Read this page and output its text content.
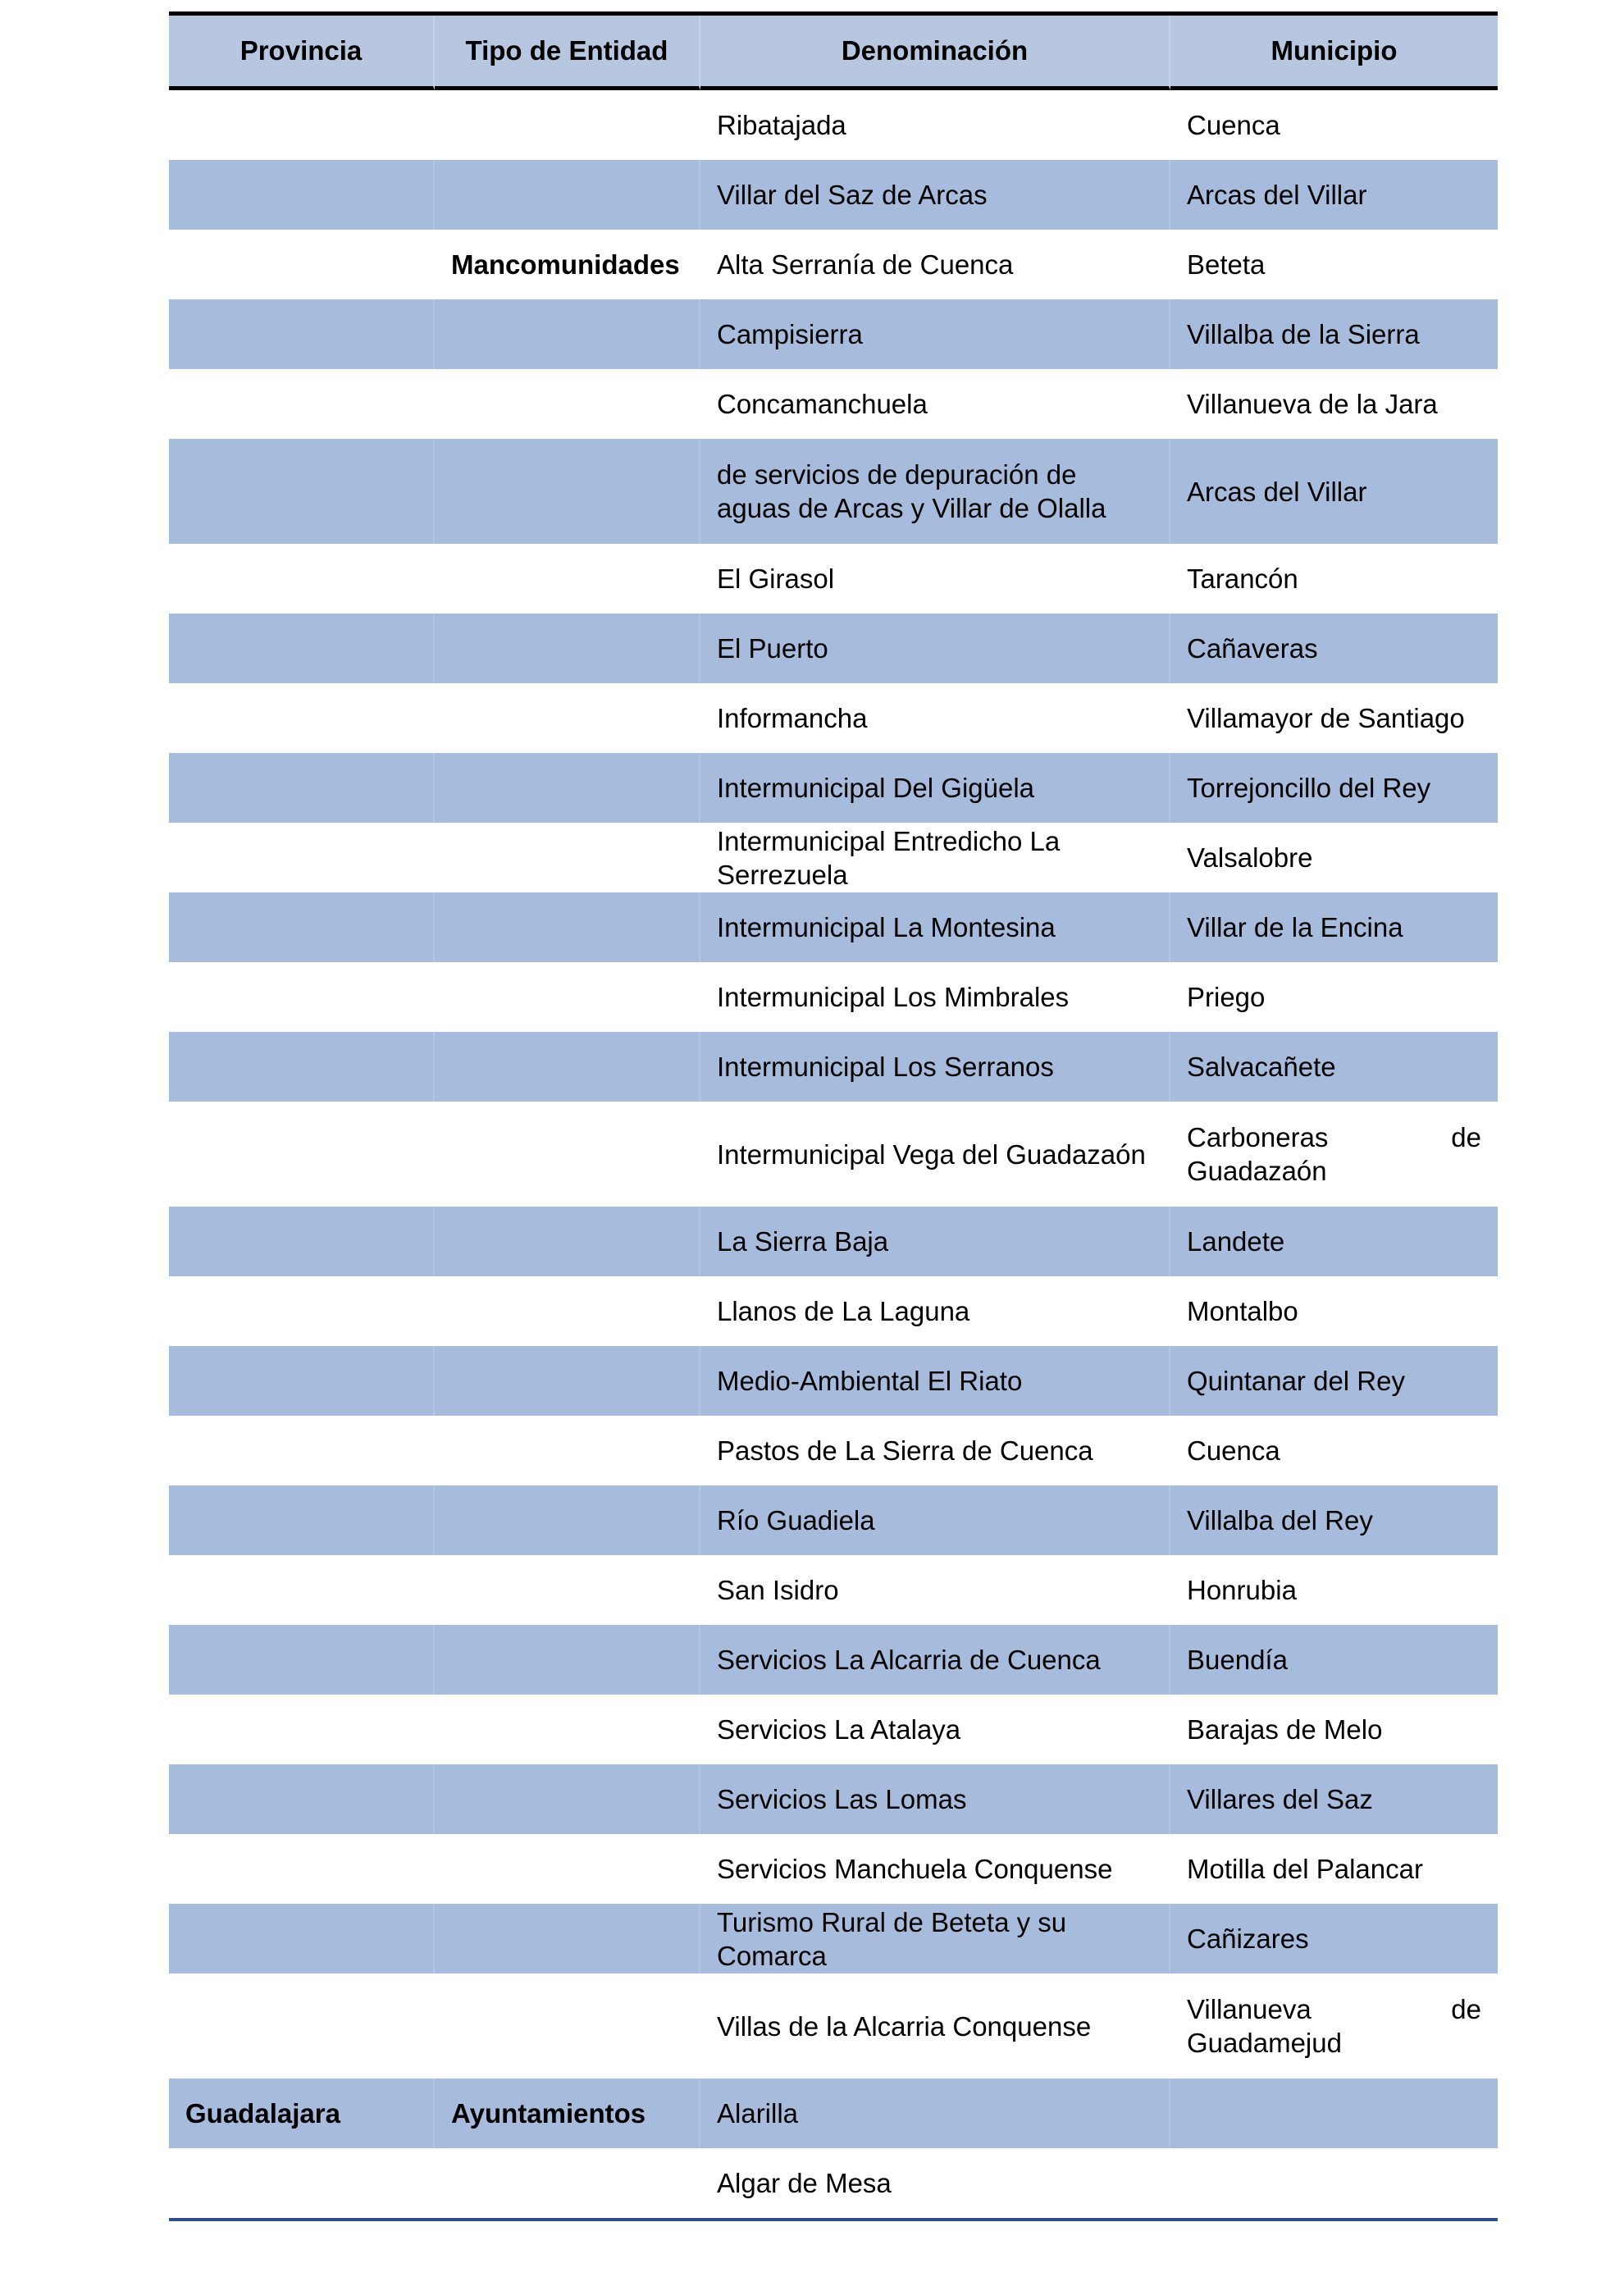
Provincia	Tipo de Entidad	Denominación	Municipio
		Ribatajada	Cuenca
		Villar del Saz de Arcas	Arcas del Villar
	Mancomunidades	Alta Serranía de Cuenca	Beteta
		Campisierra	Villalba de la Sierra
		Concamanchuela	Villanueva de la Jara
		de servicios de depuración de aguas de Arcas y Villar de Olalla	Arcas del Villar
		El Girasol	Tarancón
		El Puerto	Cañaveras
		Informancha	Villamayor de Santiago
		Intermunicipal Del Gigüela	Torrejoncillo del Rey
		Intermunicipal Entredicho La Serrezuela	Valsalobre
		Intermunicipal La Montesina	Villar de la Encina
		Intermunicipal Los Mimbrales	Priego
		Intermunicipal Los Serranos	Salvacañete
		Intermunicipal Vega del Guadazaón	Carboneras de Guadazaón
		La Sierra Baja	Landete
		Llanos de La Laguna	Montalbo
		Medio-Ambiental El Riato	Quintanar del Rey
		Pastos de La Sierra de Cuenca	Cuenca
		Río Guadiela	Villalba del Rey
		San Isidro	Honrubia
		Servicios La Alcarria de Cuenca	Buendía
		Servicios La Atalaya	Barajas de Melo
		Servicios Las Lomas	Villares del Saz
		Servicios Manchuela Conquense	Motilla del Palancar
		Turismo Rural de Beteta y su Comarca	Cañizares
		Villas de la Alcarria Conquense	Villanueva de Guadamejud
Guadalajara	Ayuntamientos	Alarilla	
		Algar de Mesa	
